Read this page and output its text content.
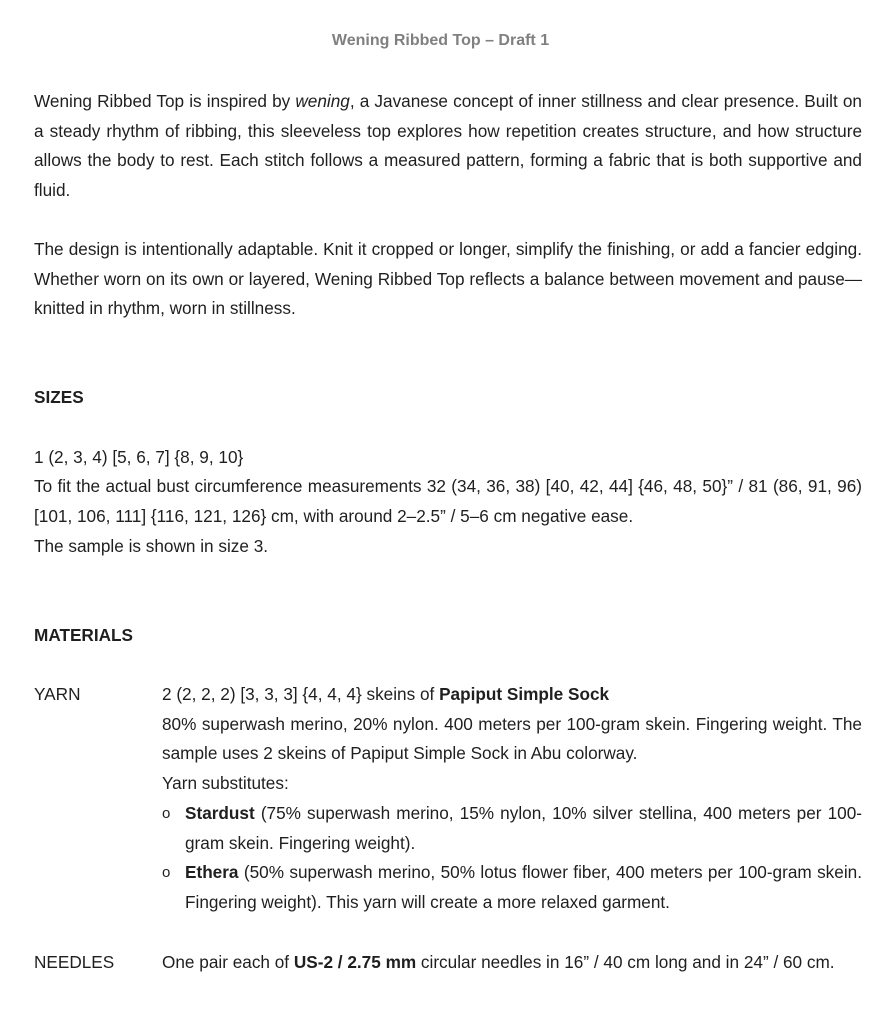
Wening Ribbed Top – Draft 1

Wening Ribbed Top is inspired by wening, a Javanese concept of inner stillness and clear presence. Built on a steady rhythm of ribbing, this sleeveless top explores how repetition creates structure, and how structure allows the body to rest. Each stitch follows a measured pattern, forming a fabric that is both supportive and fluid.

The design is intentionally adaptable. Knit it cropped or longer, simplify the finishing, or add a fancier edging. Whether worn on its own or layered, Wening Ribbed Top reflects a balance between movement and pause—knitted in rhythm, worn in stillness.

SIZES

1 (2, 3, 4) [5, 6, 7] {8, 9, 10}

To fit the actual bust circumference measurements 32 (34, 36, 38) [40, 42, 44] {46, 48, 50}” / 81 (86, 91, 96) [101, 106, 111] {116, 121, 126} cm, with around 2–2.5” / 5–6 cm negative ease.

The sample is shown in size 3.

MATERIALS
YARN	2 (2, 2, 2) [3, 3, 3] {4, 4, 4} skeins of Papiput Simple Sock

80% superwash merino, 20% nylon. 400 meters per 100-gram skein. Fingering weight. The sample uses 2 skeins of Papiput Simple Sock in Abu colorway.

Yarn substitutes:

o Stardust (75% superwash merino, 15% nylon, 10% silver stellina, 400 meters per 100-gram skein. Fingering weight).
o Ethera (50% superwash merino, 50% lotus flower fiber, 400 meters per 100-gram skein. Fingering weight). This yarn will create a more relaxed garment.
NEEDLES	One pair each of US-2 / 2.75 mm circular needles in 16” / 40 cm long and in 24” / 60 cm.
